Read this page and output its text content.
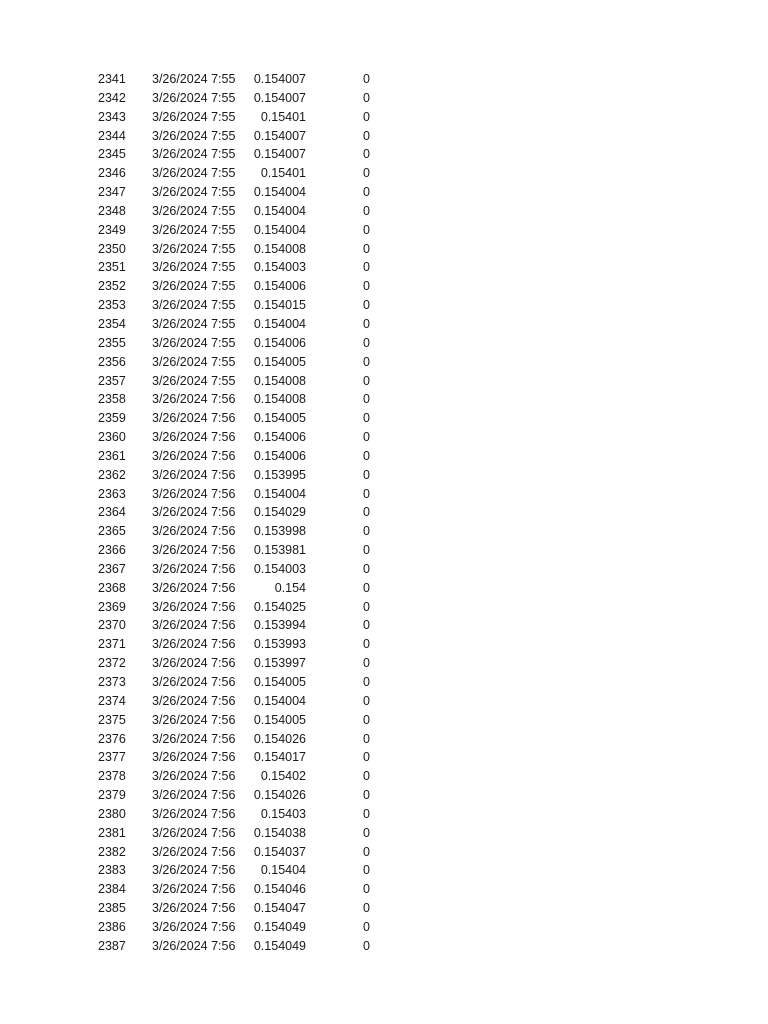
2341 3/26/2024 7:55 0.154007	0
2342 3/26/2024 7:55 0.154007	0
2343 3/26/2024 7:55 0.15401	0
2344 3/26/2024 7:55 0.154007	0
2345 3/26/2024 7:55 0.154007	0
2346 3/26/2024 7:55 0.15401	0
2347 3/26/2024 7:55 0.154004	0
2348 3/26/2024 7:55 0.154004	0
2349 3/26/2024 7:55 0.154004	0
2350 3/26/2024 7:55 0.154008	0
2351 3/26/2024 7:55 0.154003	0
2352 3/26/2024 7:55 0.154006	0
2353 3/26/2024 7:55 0.154015	0
2354 3/26/2024 7:55 0.154004	0
2355 3/26/2024 7:55 0.154006	0
2356 3/26/2024 7:55 0.154005	0
2357 3/26/2024 7:55 0.154008	0
2358 3/26/2024 7:56 0.154008	0
2359 3/26/2024 7:56 0.154005	0
2360 3/26/2024 7:56 0.154006	0
2361 3/26/2024 7:56 0.154006	0
2362 3/26/2024 7:56 0.153995	0
2363 3/26/2024 7:56 0.154004	0
2364 3/26/2024 7:56 0.154029	0
2365 3/26/2024 7:56 0.153998	0
2366 3/26/2024 7:56 0.153981	0
2367 3/26/2024 7:56 0.154003	0
2368 3/26/2024 7:56	0.154	0
2369 3/26/2024 7:56 0.154025	0
2370 3/26/2024 7:56 0.153994	0
2371 3/26/2024 7:56 0.153993	0
2372 3/26/2024 7:56 0.153997	0
2373 3/26/2024 7:56 0.154005	0
2374 3/26/2024 7:56 0.154004	0
2375 3/26/2024 7:56 0.154005	0
2376 3/26/2024 7:56 0.154026	0
2377 3/26/2024 7:56 0.154017	0
2378 3/26/2024 7:56 0.15402	0
2379 3/26/2024 7:56 0.154026	0
2380 3/26/2024 7:56 0.15403	0
2381 3/26/2024 7:56 0.154038	0
2382 3/26/2024 7:56 0.154037	0
2383 3/26/2024 7:56 0.15404	0
2384 3/26/2024 7:56 0.154046	0
2385 3/26/2024 7:56 0.154047	0
2386 3/26/2024 7:56 0.154049	0
2387 3/26/2024 7:56 0.154049	0
